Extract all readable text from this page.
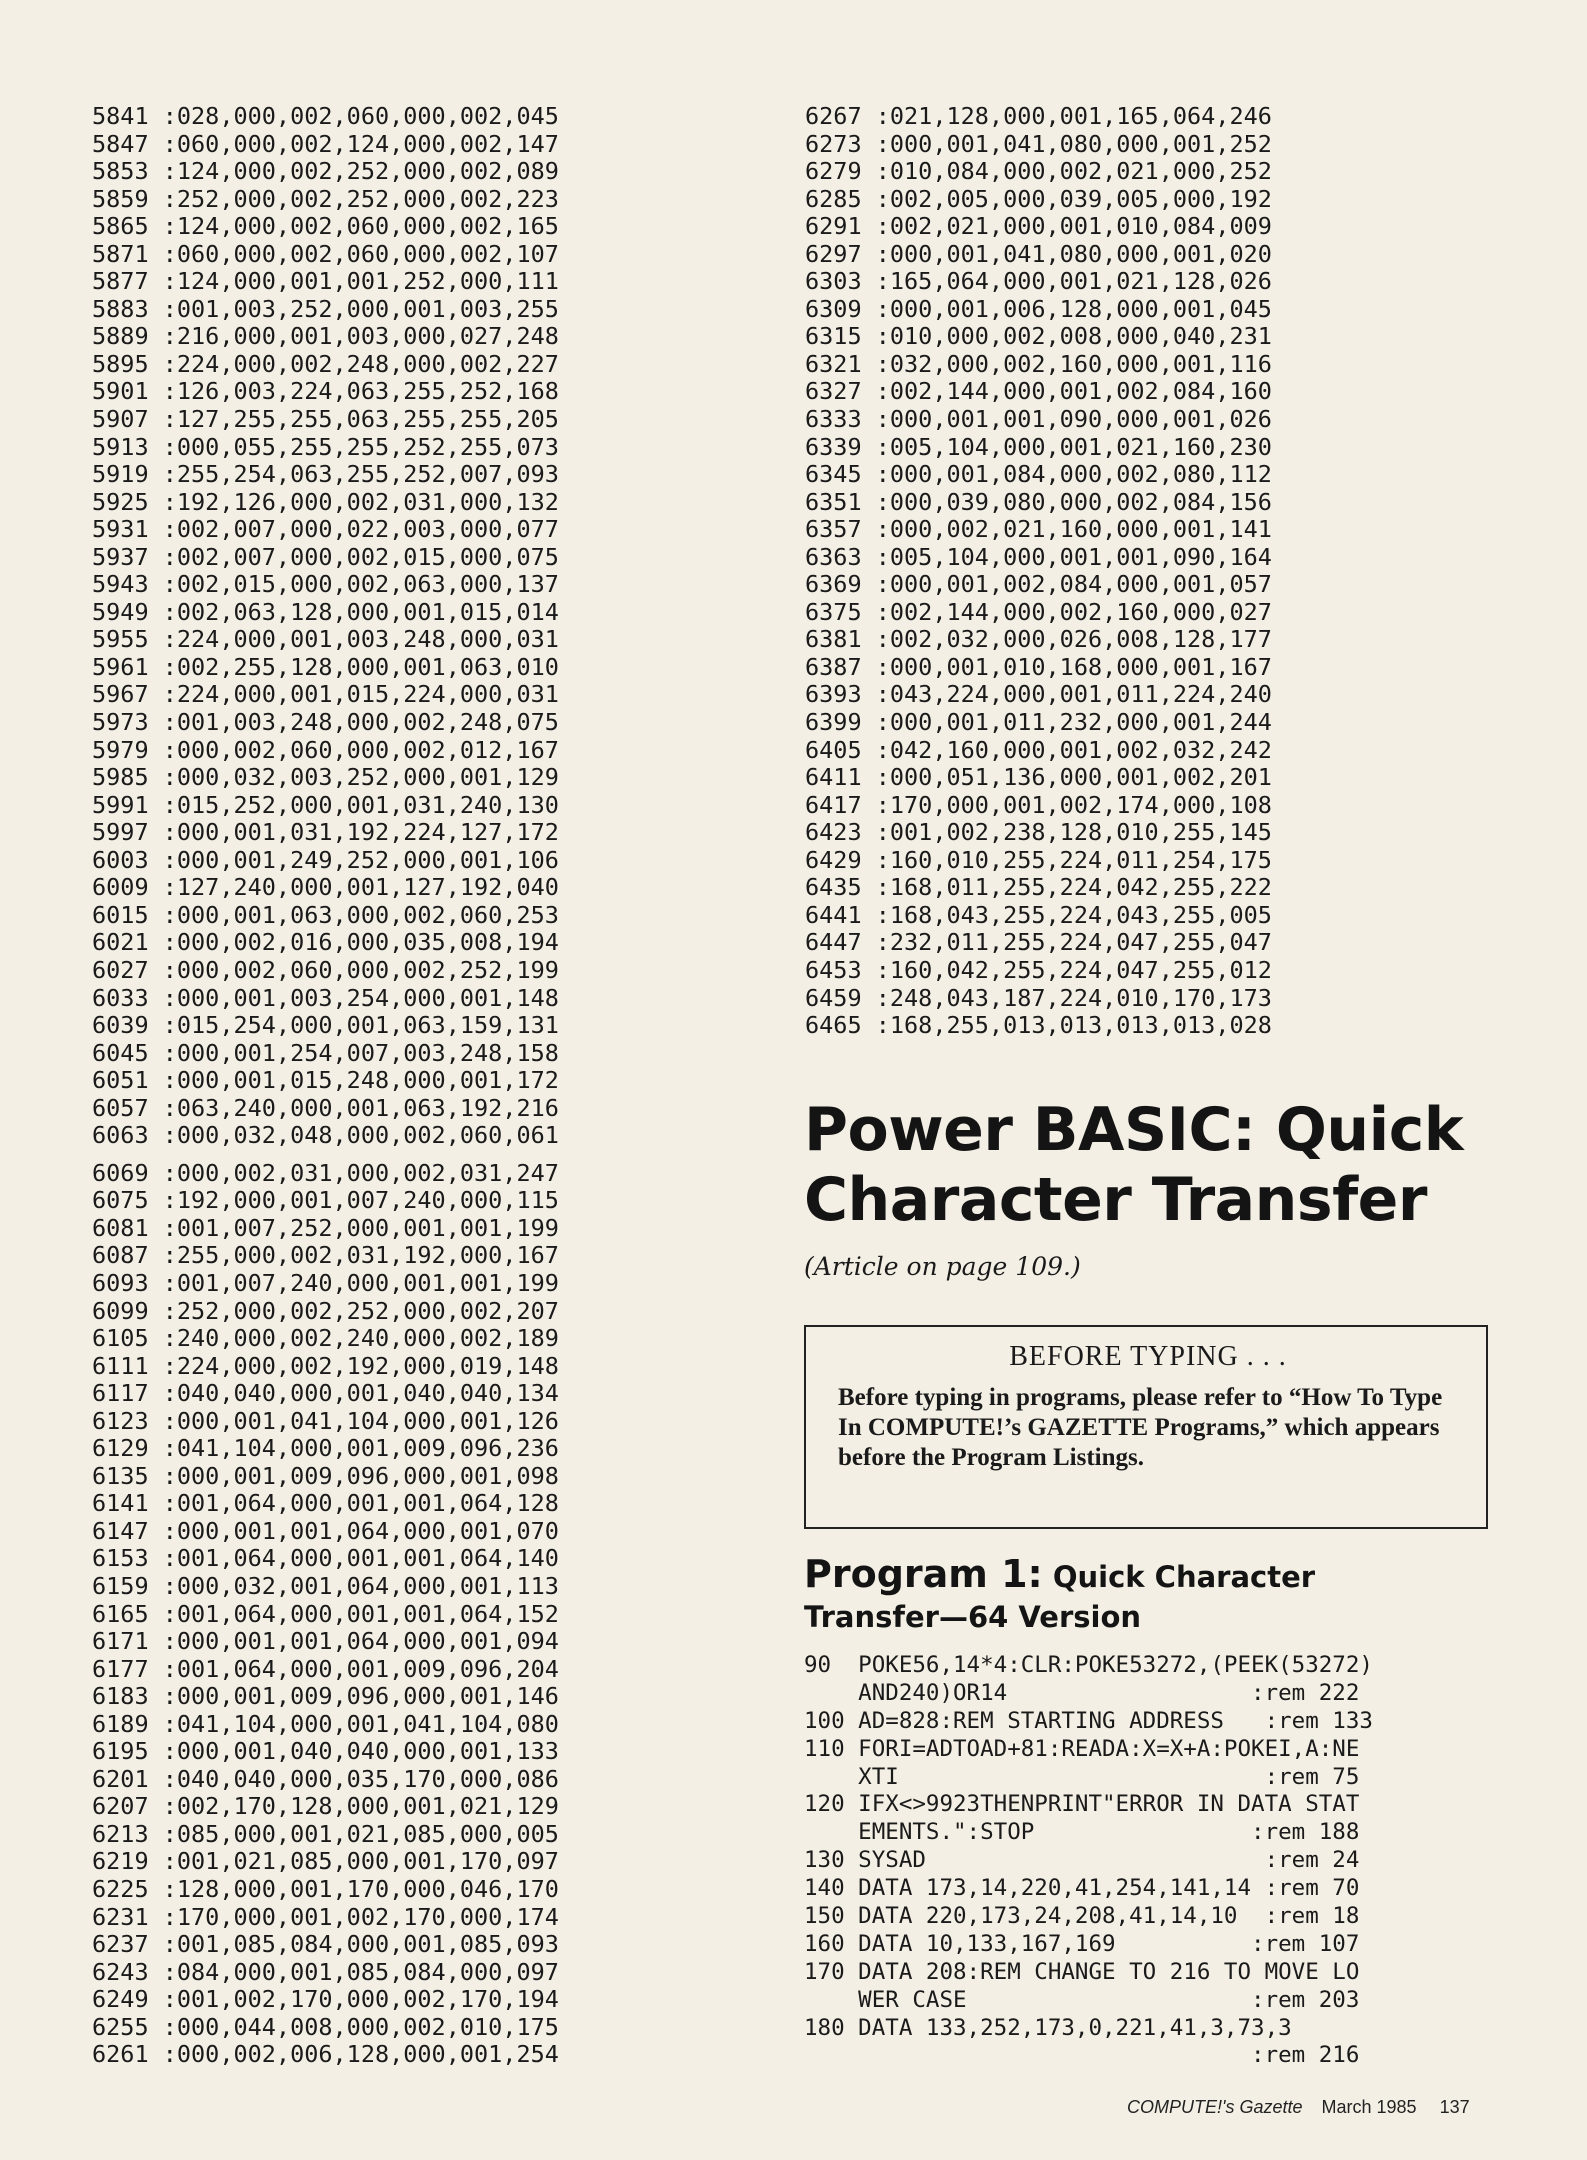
5841 :028,000,002,060,000,002,045
5847 :060,000,002,124,000,002,147
5853 :124,000,002,252,000,002,089
5859 :252,000,002,252,000,002,223
5865 :124,000,002,060,000,002,165
5871 :060,000,002,060,000,002,107
5877 :124,000,001,001,252,000,111
5883 :001,003,252,000,001,003,255
5889 :216,000,001,003,000,027,248
5895 :224,000,002,248,000,002,227
5901 :126,003,224,063,255,252,168
5907 :127,255,255,063,255,255,205
5913 :000,055,255,255,252,255,073
5919 :255,254,063,255,252,007,093
5925 :192,126,000,002,031,000,132
5931 :002,007,000,022,003,000,077
5937 :002,007,000,002,015,000,075
5943 :002,015,000,002,063,000,137
5949 :002,063,128,000,001,015,014
5955 :224,000,001,003,248,000,031
5961 :002,255,128,000,001,063,010
5967 :224,000,001,015,224,000,031
5973 :001,003,248,000,002,248,075
5979 :000,002,060,000,002,012,167
5985 :000,032,003,252,000,001,129
5991 :015,252,000,001,031,240,130
5997 :000,001,031,192,224,127,172
6003 :000,001,249,252,000,001,106
6009 :127,240,000,001,127,192,040
6015 :000,001,063,000,002,060,253
6021 :000,002,016,000,035,008,194
6027 :000,002,060,000,002,252,199
6033 :000,001,003,254,000,001,148
6039 :015,254,000,001,063,159,131
6045 :000,001,254,007,003,248,158
6051 :000,001,015,248,000,001,172
6057 :063,240,000,001,063,192,216
6063 :000,032,048,000,002,060,061
6069 :000,002,031,000,002,031,247
6075 :192,000,001,007,240,000,115
6081 :001,007,252,000,001,001,199
6087 :255,000,002,031,192,000,167
6093 :001,007,240,000,001,001,199
6099 :252,000,002,252,000,002,207
6105 :240,000,002,240,000,002,189
6111 :224,000,002,192,000,019,148
6117 :040,040,000,001,040,040,134
6123 :000,001,041,104,000,001,126
6129 :041,104,000,001,009,096,236
6135 :000,001,009,096,000,001,098
6141 :001,064,000,001,001,064,128
6147 :000,001,001,064,000,001,070
6153 :001,064,000,001,001,064,140
6159 :000,032,001,064,000,001,113
6165 :001,064,000,001,001,064,152
6171 :000,001,001,064,000,001,094
6177 :001,064,000,001,009,096,204
6183 :000,001,009,096,000,001,146
6189 :041,104,000,001,041,104,080
6195 :000,001,040,040,000,001,133
6201 :040,040,000,035,170,000,086
6207 :002,170,128,000,001,021,129
6213 :085,000,001,021,085,000,005
6219 :001,021,085,000,001,170,097
6225 :128,000,001,170,000,046,170
6231 :170,000,001,002,170,000,174
6237 :001,085,084,000,001,085,093
6243 :084,000,001,085,084,000,097
6249 :001,002,170,000,002,170,194
6255 :000,044,008,000,002,010,175
6261 :000,002,006,128,000,001,254
6267 :021,128,000,001,165,064,246
6273 :000,001,041,080,000,001,252
6279 :010,084,000,002,021,000,252
6285 :002,005,000,039,005,000,192
6291 :002,021,000,001,010,084,009
6297 :000,001,041,080,000,001,020
6303 :165,064,000,001,021,128,026
6309 :000,001,006,128,000,001,045
6315 :010,000,002,008,000,040,231
6321 :032,000,002,160,000,001,116
6327 :002,144,000,001,002,084,160
6333 :000,001,001,090,000,001,026
6339 :005,104,000,001,021,160,230
6345 :000,001,084,000,002,080,112
6351 :000,039,080,000,002,084,156
6357 :000,002,021,160,000,001,141
6363 :005,104,000,001,001,090,164
6369 :000,001,002,084,000,001,057
6375 :002,144,000,002,160,000,027
6381 :002,032,000,026,008,128,177
6387 :000,001,010,168,000,001,167
6393 :043,224,000,001,011,224,240
6399 :000,001,011,232,000,001,244
6405 :042,160,000,001,002,032,242
6411 :000,051,136,000,001,002,201
6417 :170,000,001,002,174,000,108
6423 :001,002,238,128,010,255,145
6429 :160,010,255,224,011,254,175
6435 :168,011,255,224,042,255,222
6441 :168,043,255,224,043,255,005
6447 :232,011,255,224,047,255,047
6453 :160,042,255,224,047,255,012
6459 :248,043,187,224,010,170,173
6465 :168,255,013,013,013,013,028
Power BASIC: Quick
Character Transfer
(Article on page 109.)
BEFORE TYPING . . .
Before typing in programs, please refer to “How To Type In COMPUTE!’s GAZETTE Programs,” which appears before the Program Listings.
Program 1: Quick Character
Transfer—64 Version
90  POKE56,14*4:CLR:POKE53272,(PEEK(53272)
AND240)OR14                  :rem 222
100 AD=828:REM STARTING ADDRESS   :rem 133
110 FORI=ADTOAD+81:READA:X=X+A:POKEI,A:NE
XTI                           :rem 75
120 IFX<>9923THENPRINT"ERROR IN DATA STAT
EMENTS.":STOP                :rem 188
130 SYSAD                         :rem 24
140 DATA 173,14,220,41,254,141,14 :rem 70
150 DATA 220,173,24,208,41,14,10  :rem 18
160 DATA 10,133,167,169          :rem 107
170 DATA 208:REM CHANGE TO 216 TO MOVE LO
WER CASE                     :rem 203
180 DATA 133,252,173,0,221,41,3,73,3
:rem 216
COMPUTE!'s Gazette March 1985 137
